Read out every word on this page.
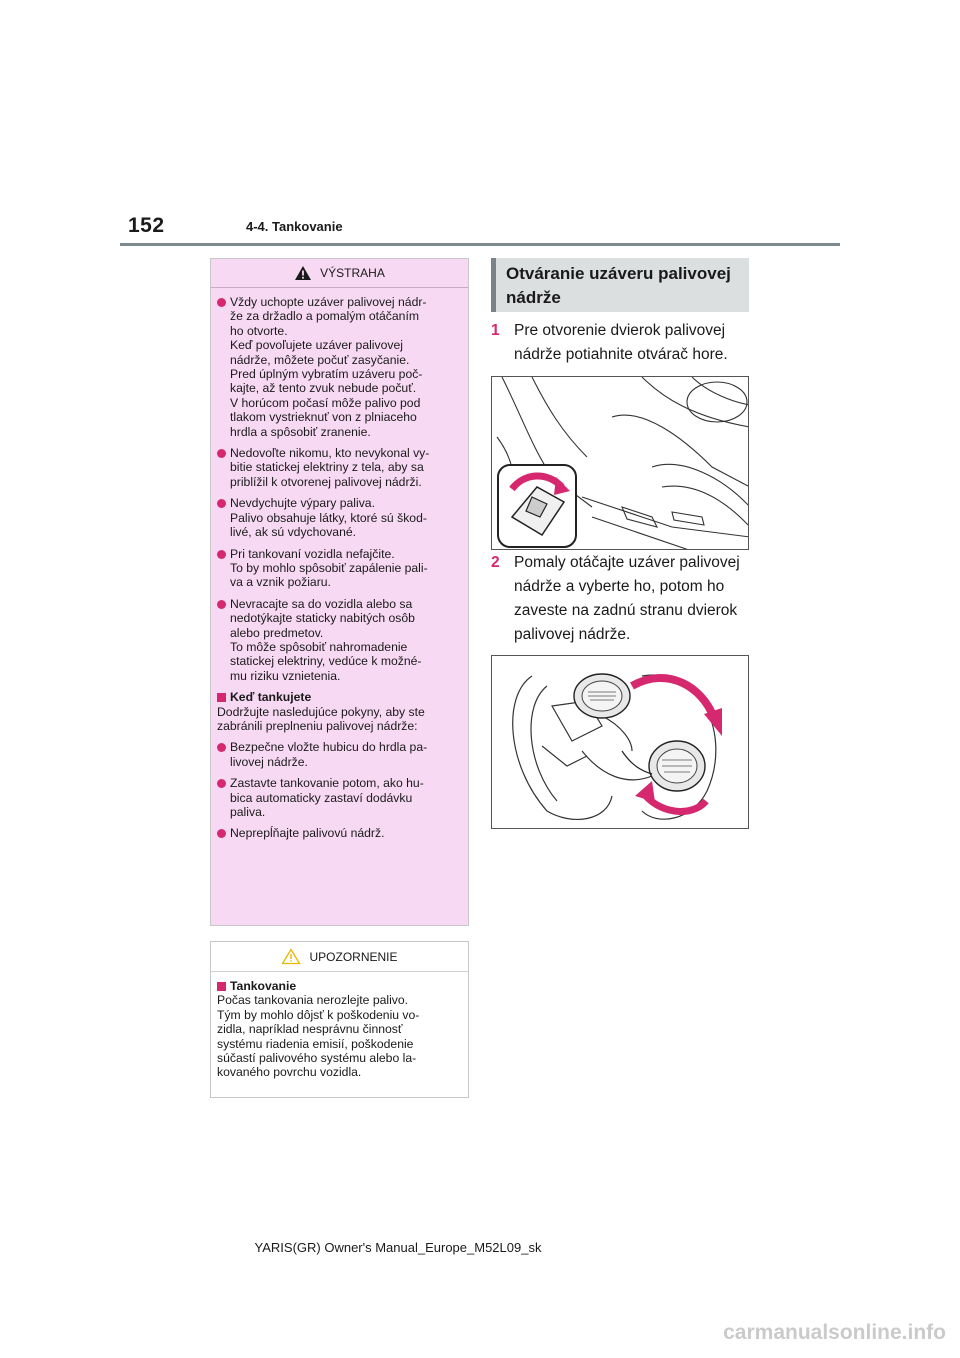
152	4-4. Tankovanie
VÝSTRAHA
Vždy uchopte uzáver palivovej nádr-
že za držadlo a pomalým otáčaním
ho otvorte.
Keď povoľujete uzáver palivovej
nádrže, môžete počuť zasyčanie.
Pred úplným vybratím uzáveru poč-
kajte, až tento zvuk nebude počuť.
V horúcom počasí môže palivo pod
tlakom vystrieknuť von z plniaceho
hrdla a spôsobiť zranenie.
Nedovoľte nikomu, kto nevykonal vy-
bitie statickej elektriny z tela, aby sa
priblížil k otvorenej palivovej nádrži.
Nevdychujte výpary paliva.
Palivo obsahuje látky, ktoré sú škod-
livé, ak sú vdychované.
Pri tankovaní vozidla nefajčite.
To by mohlo spôsobiť zapálenie pali-
va a vznik požiaru.
Nevracajte sa do vozidla alebo sa
nedotýkajte staticky nabitých osôb
alebo predmetov.
To môže spôsobiť nahromadenie
statickej elektriny, vedúce k možné-
mu riziku vznietenia.
Keď tankujete
Dodržujte nasledujúce pokyny, aby ste
zabránili preplneniu palivovej nádrže:
Bezpečne vložte hubicu do hrdla pa-
livovej nádrže.
Zastavte tankovanie potom, ako hu-
bica automaticky zastaví dodávku
paliva.
Neprepĺňajte palivovú nádrž.
UPOZORNENIE
Tankovanie
Počas tankovania nerozlejte palivo.
Tým by mohlo dôjsť k poškodeniu vo-
zidla, napríklad nesprávnu činnosť
systému riadenia emisií, poškodenie
súčastí palivového systému alebo la-
kovaného povrchu vozidla.
Otváranie uzáveru palivovej
nádrže
1 Pre otvorenie dvierok palivovej
nádrže potiahnite otvárač hore.
2 Pomaly otáčajte uzáver palivovej
nádrže a vyberte ho, potom ho
zaveste na zadnú stranu dvierok
palivovej nádrže.
YARIS(GR) Owner's Manual_Europe_M52L09_sk
carmanualsonline.info
